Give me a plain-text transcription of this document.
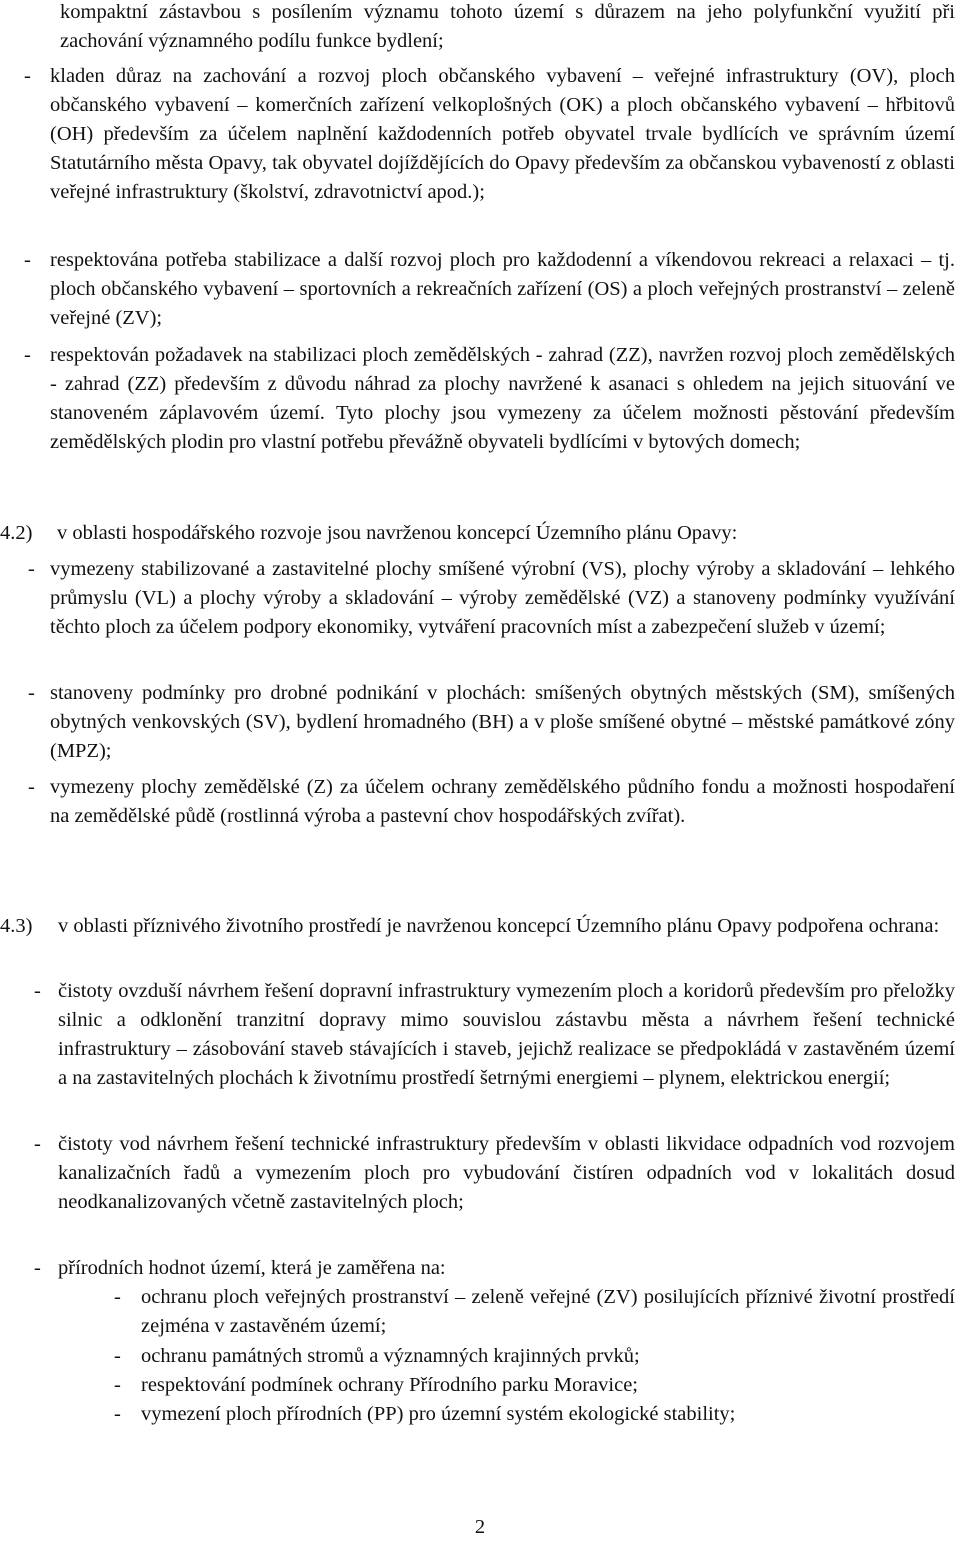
kompaktní zástavbou s posílením významu tohoto území s důrazem na jeho polyfunkční využití při zachování významného podílu funkce bydlení;

- kladen důraz na zachování a rozvoj ploch občanského vybavení – veřejné infrastruktury (OV), ploch občanského vybavení – komerčních zařízení velkoplošných (OK) a ploch občanského vybavení – hřbitovů (OH) především za účelem naplnění každodenních potřeb obyvatel trvale bydlících ve správním území Statutárního města Opavy, tak obyvatel dojíždějících do Opavy především za občanskou vybaveností z oblasti veřejné infrastruktury (školství, zdravotnictví apod.);

- respektována potřeba stabilizace a další rozvoj ploch pro každodenní a víkendovou rekreaci a relaxaci – tj. ploch občanského vybavení – sportovních a rekreačních zařízení (OS) a ploch veřejných prostranství – zeleně veřejné (ZV);

- respektován požadavek na stabilizaci ploch zemědělských - zahrad (ZZ), navržen rozvoj ploch zemědělských - zahrad (ZZ) především z důvodu náhrad za plochy navržené k asanaci s ohledem na jejich situování ve stanoveném záplavovém území. Tyto plochy jsou vymezeny za účelem možnosti pěstování především zemědělských plodin pro vlastní potřebu převážně obyvateli bydlícími v bytových domech;

4.2) v oblasti hospodářského rozvoje jsou navrženou koncepcí Územního plánu Opavy:
- vymezeny stabilizované a zastavitelné plochy smíšené výrobní (VS), plochy výroby a skladování – lehkého průmyslu (VL) a plochy výroby a skladování – výroby zemědělské (VZ) a stanoveny podmínky využívání těchto ploch za účelem podpory ekonomiky, vytváření pracovních míst a zabezpečení služeb v území;

- stanoveny podmínky pro drobné podnikání v plochách: smíšených obytných městských (SM), smíšených obytných venkovských (SV), bydlení hromadného (BH) a v ploše smíšené obytné – městské památkové zóny (MPZ);

- vymezeny plochy zemědělské (Z) za účelem ochrany zemědělského půdního fondu a možnosti hospodaření na zemědělské půdě (rostlinná výroba a pastevní chov hospodářských zvířat).

4.3) v oblasti příznivého životního prostředí je navrženou koncepcí Územního plánu Opavy podpořena ochrana:

- čistoty ovzduší návrhem řešení dopravní infrastruktury vymezením ploch a koridorů především pro přeložky silnic a odklonění tranzitní dopravy mimo souvislou zástavbu města a návrhem řešení technické infrastruktury – zásobování staveb stávajících i staveb, jejichž realizace se předpokládá v zastavěném území a na zastavitelných plochách k životnímu prostředí šetrnými energiemi – plynem, elektrickou energií;

- čistoty vod návrhem řešení technické infrastruktury především v oblasti likvidace odpadních vod rozvojem kanalizačních řadů a vymezením ploch pro vybudování čistíren odpadních vod v lokalitách dosud neodkanalizovaných včetně zastavitelných ploch;

- přírodních hodnot území, která je zaměřena na:

- ochranu ploch veřejných prostranství – zeleně veřejné (ZV) posilujících příznivé životní prostředí zejména v zastavěném území;

- ochranu památných stromů a významných krajinných prvků;

- respektování podmínek ochrany Přírodního parku Moravice;

- vymezení ploch přírodních (PP) pro územní systém ekologické stability;

2
